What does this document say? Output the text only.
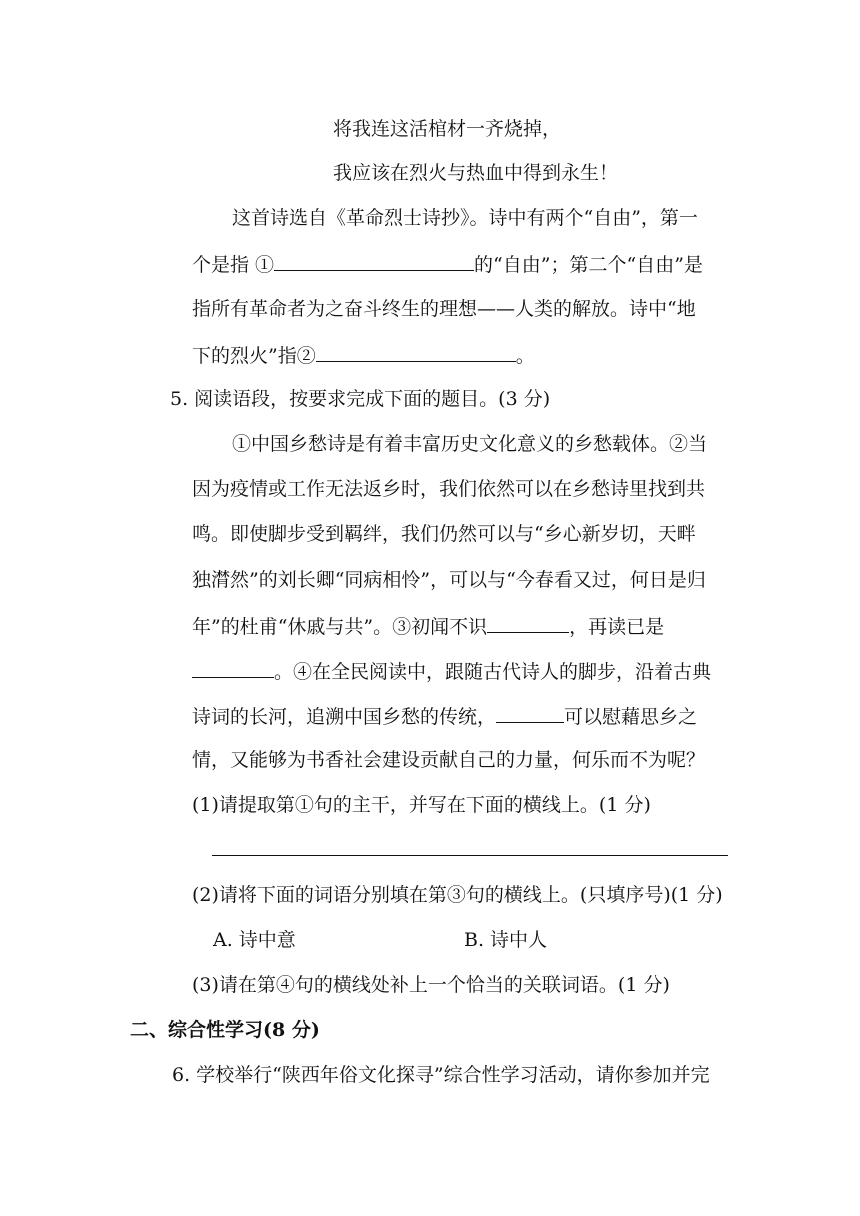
将我连这活棺材一齐烧掉，
我应该在烈火与热血中得到永生！
这首诗选自《革命烈士诗抄》。诗中有两个“自由”，第一
个是指 ①	的“自由”；第二个“自由”是
指所有革命者为之奋斗终生的理想——人类的解放。诗中“地
下的烈火”指②	。
5. 阅读语段，按要求完成下面的题目。(3 分)
①中国乡愁诗是有着丰富历史文化意义的乡愁载体。②当
因为疫情或工作无法返乡时，我们依然可以在乡愁诗里找到共
鸣。即使脚步受到羁绊，我们仍然可以与“乡心新岁切，天畔
独潸然”的刘长卿“同病相怜”，可以与“今春看又过，何日是归
年”的杜甫“休戚与共”。③初闻不识	，再读已是
。④在全民阅读中，跟随古代诗人的脚步，沿着古典
诗词的长河，追溯中国乡愁的传统，	可以慰藉思乡之
情，又能够为书香社会建设贡献自己的力量，何乐而不为呢？
(1)请提取第①句的主干，并写在下面的横线上。(1 分)
(2)请将下面的词语分别填在第③句的横线上。(只填序号)(1 分)
A. 诗中意	B. 诗中人
(3)请在第④句的横线处补上一个恰当的关联词语。(1 分)
二、综合性学习(8 分)
6. 学校举行“陕西年俗文化探寻”综合性学习活动，请你参加并完
